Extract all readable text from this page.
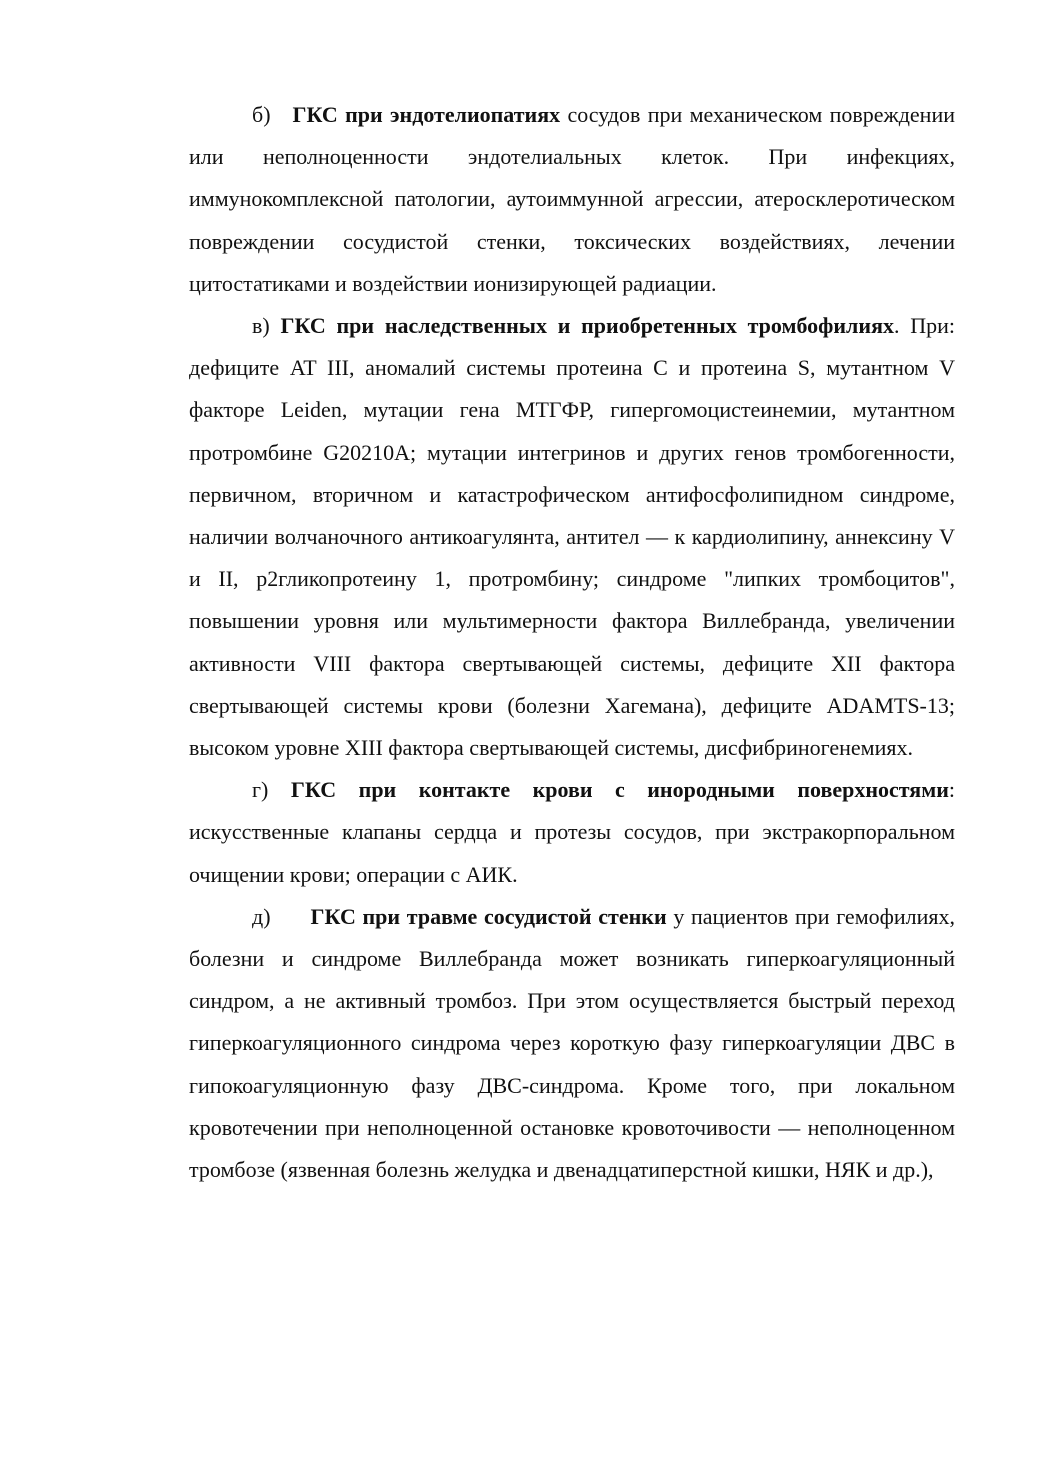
б) ГКС при эндотелиопатиях сосудов при механическом повреждении или неполноценности эндотелиальных клеток. При инфекциях, иммунокомплексной патологии, аутоиммунной агрессии, атеросклеротическом повреждении сосудистой стенки, токсических воздействиях, лечении цитостатиками и воздействии ионизирующей радиации.

в) ГКС при наследственных и приобретенных тромбофилиях. При: дефиците AT III, аномалий системы протеина С и протеина S, мутантном V факторе Leiden, мутации гена МТГФР, гипергомоцистеинемии, мутантном протромбине G20210A; мутации интегринов и других генов тромбогенности, первичном, вторичном и катастрофическом антифосфолипидном синдроме, наличии волчаночного антикоагулянта, антител — к кардиолипину, аннексину V и II, р2гликопротеину 1, протромбину; синдроме "липких тромбоцитов", повышении уровня или мультимерности фактора Виллебранда, увеличении активности VIII фактора свертывающей системы, дефиците XII фактора свертывающей системы крови (болезни Хагемана), дефиците ADAMTS-13; высоком уровне XIII фактора свертывающей системы, дисфибриногенемиях.

г) ГКС при контакте крови с инородными поверхностями: искусственные клапаны сердца и протезы сосудов, при экстракорпоральном очищении крови; операции с АИК.

д) ГКС при травме сосудистой стенки у пациентов при гемофилиях, болезни и синдроме Виллебранда может возникать гиперкоагуляционный синдром, а не активный тромбоз. При этом осуществляется быстрый переход гиперкоагуляционного синдрома через короткую фазу гиперкоагуляции ДВС в гипокоагуляционную фазу ДВС-синдрома. Кроме того, при локальном кровотечении при неполноценной остановке кровоточивости — неполноценном тромбозе (язвенная болезнь желудка и двенадцатиперстной кишки, НЯК и др.),
